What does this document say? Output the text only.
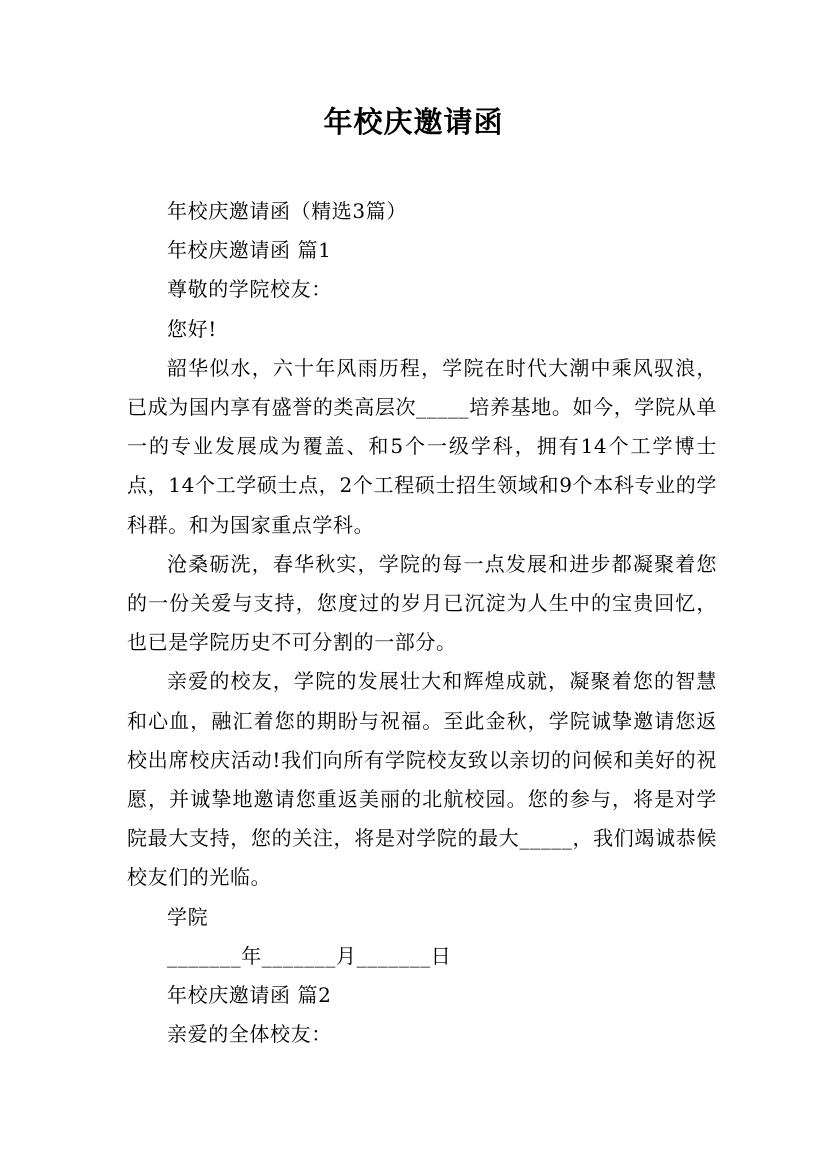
年校庆邀请函

年校庆邀请函（精选3篇）

年校庆邀请函 篇1

尊敬的学院校友：

您好!

韶华似水，六十年风雨历程，学院在时代大潮中乘风驭浪，已成为国内享有盛誉的类高层次_____培养基地。如今，学院从单一的专业发展成为覆盖、和5个一级学科，拥有14个工学博士点，14个工学硕士点，2个工程硕士招生领域和9个本科专业的学科群。和为国家重点学科。

沧桑砺洗，春华秋实，学院的每一点发展和进步都凝聚着您的一份关爱与支持，您度过的岁月已沉淀为人生中的宝贵回忆，也已是学院历史不可分割的一部分。

亲爱的校友，学院的发展壮大和辉煌成就，凝聚着您的智慧和心血，融汇着您的期盼与祝福。至此金秋，学院诚挚邀请您返校出席校庆活动!我们向所有学院校友致以亲切的问候和美好的祝愿，并诚挚地邀请您重返美丽的北航校园。您的参与，将是对学院最大支持，您的关注，将是对学院的最大_____，我们竭诚恭候校友们的光临。

学院

_______年_______月_______日

年校庆邀请函 篇2

亲爱的全体校友：
